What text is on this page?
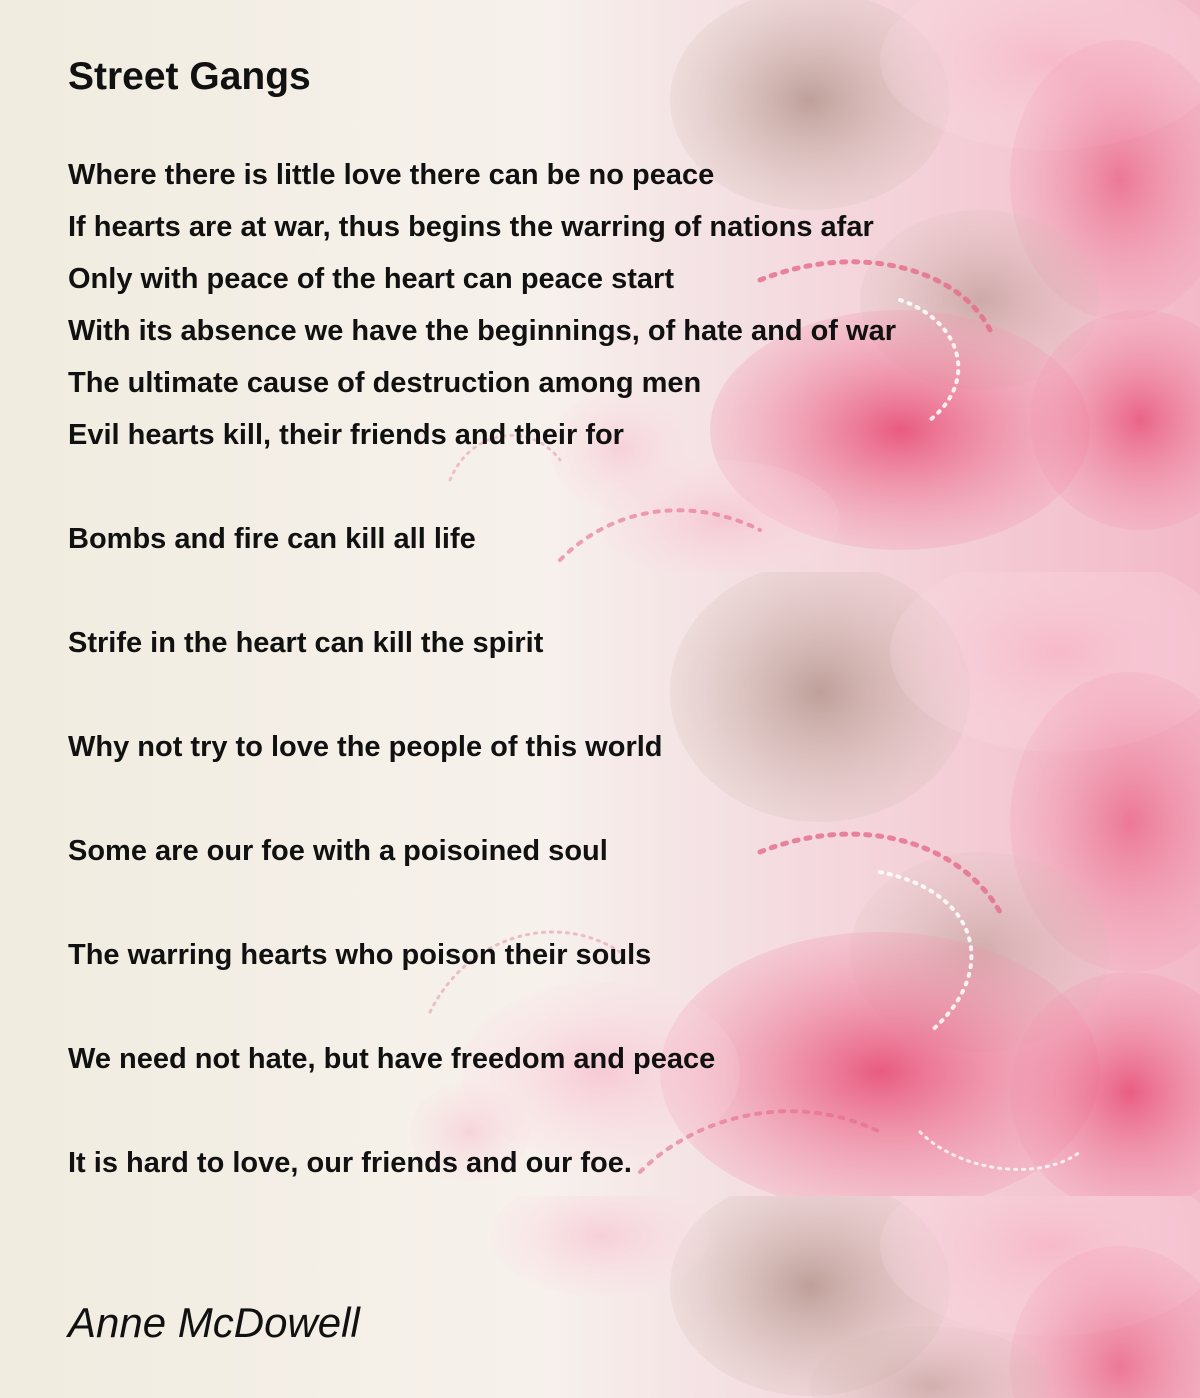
Street Gangs

Where there is little love there can be no peace

If hearts are at war, thus begins the warring of nations afar

Only with peace of the heart can peace start

With its absence we have the beginnings, of hate and of war

The ultimate cause of destruction among men

Evil hearts kill, their friends and their for

Bombs and fire can kill all life

Strife in the heart can kill the spirit

Why not try to love the people of this world

Some are our foe with a poisoined soul

The warring hearts who poison their souls

We need not hate, but have freedom and peace

It is hard to love, our friends and our foe.

Anne McDowell
